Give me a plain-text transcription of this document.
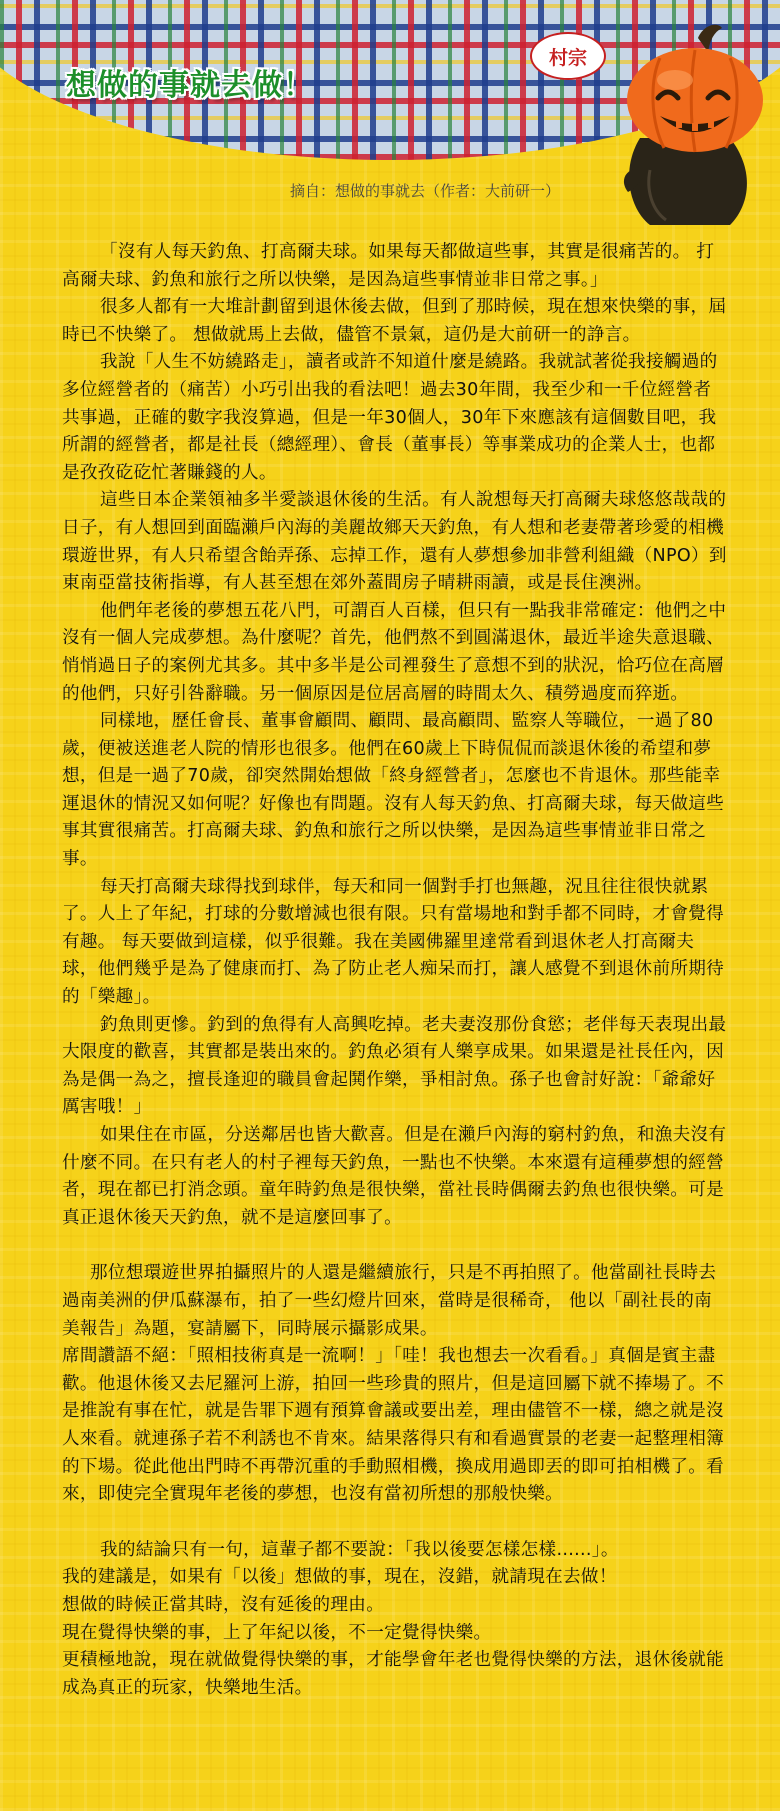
想做的事就去做！
村宗
摘自：想做的事就去（作者：大前研一）

「沒有人每天釣魚、打高爾夫球。如果每天都做這些事，其實是很痛苦的。 打高爾夫球、釣魚和旅行之所以快樂，是因為這些事情並非日常之事。」

很多人都有一大堆計劃留到退休後去做，但到了那時候，現在想來快樂的事，屆時已不快樂了。 想做就馬上去做，儘管不景氣，這仍是大前研一的諍言。

我說「人生不妨繞路走」，讀者或許不知道什麼是繞路。我就試著從我接觸過的多位經營者的（痛苦）小巧引出我的看法吧！過去30年間，我至少和一千位經營者共事過，正確的數字我沒算過，但是一年30個人，30年下來應該有這個數目吧，我所謂的經營者，都是社長（總經理）、會長（董事長）等事業成功的企業人士，也都是孜孜矻矻忙著賺錢的人。

這些日本企業領袖多半愛談退休後的生活。有人說想每天打高爾夫球悠悠哉哉的日子，有人想回到面臨瀨戶內海的美麗故鄉天天釣魚，有人想和老妻帶著珍愛的相機環遊世界，有人只希望含飴弄孫、忘掉工作，還有人夢想參加非營利組織（NPO）到東南亞當技術指導，有人甚至想在郊外蓋間房子晴耕雨讀，或是長住澳洲。

他們年老後的夢想五花八門，可謂百人百樣，但只有一點我非常確定：他們之中沒有一個人完成夢想。為什麼呢？首先，他們熬不到圓滿退休，最近半途失意退職、悄悄過日子的案例尤其多。其中多半是公司裡發生了意想不到的狀況，恰巧位在高層的他們，只好引咎辭職。另一個原因是位居高層的時間太久、積勞過度而猝逝。

同樣地，歷任會長、董事會顧問、顧問、最高顧問、監察人等職位，一過了80歲，便被送進老人院的情形也很多。他們在60歲上下時侃侃而談退休後的希望和夢想，但是一過了70歲，卻突然開始想做「終身經營者」，怎麼也不肯退休。那些能幸運退休的情況又如何呢？好像也有問題。沒有人每天釣魚、打高爾夫球，每天做這些事其實很痛苦。打高爾夫球、釣魚和旅行之所以快樂，是因為這些事情並非日常之事。

每天打高爾夫球得找到球伴，每天和同一個對手打也無趣，況且往往很快就累了。人上了年紀，打球的分數增減也很有限。只有當場地和對手都不同時，才會覺得有趣。 每天要做到這樣，似乎很難。我在美國佛羅里達常看到退休老人打高爾夫球，他們幾乎是為了健康而打、為了防止老人痴呆而打，讓人感覺不到退休前所期待的「樂趣」。

釣魚則更慘。釣到的魚得有人高興吃掉。老夫妻沒那份食慾；老伴每天表現出最大限度的歡喜，其實都是裝出來的。釣魚必須有人樂享成果。如果還是社長任內，因為是偶一為之，擅長逢迎的職員會起鬨作樂，爭相討魚。孫子也會討好說：「爺爺好厲害哦！」

如果住在市區，分送鄰居也皆大歡喜。但是在瀨戶內海的窮村釣魚，和漁夫沒有什麼不同。在只有老人的村子裡每天釣魚，一點也不快樂。本來還有這種夢想的經營者，現在都已打消念頭。童年時釣魚是很快樂，當社長時偶爾去釣魚也很快樂。可是真正退休後天天釣魚，就不是這麼回事了。

那位想環遊世界拍攝照片的人還是繼續旅行，只是不再拍照了。他當副社長時去過南美洲的伊瓜蘇瀑布，拍了一些幻燈片回來，當時是很稀奇， 他以「副社長的南美報告」為題，宴請屬下，同時展示攝影成果。

席間讚語不絕：「照相技術真是一流啊！」「哇！我也想去一次看看。」真個是賓主盡歡。他退休後又去尼羅河上游，拍回一些珍貴的照片，但是這回屬下就不捧場了。不是推說有事在忙，就是告罪下週有預算會議或要出差，理由儘管不一樣，總之就是沒人來看。就連孫子若不利誘也不肯來。結果落得只有和看過實景的老妻一起整理相簿的下場。從此他出門時不再帶沉重的手動照相機，換成用過即丟的即可拍相機了。看來，即使完全實現年老後的夢想，也沒有當初所想的那般快樂。

我的結論只有一句，這輩子都不要說：「我以後要怎樣怎樣......」。

我的建議是，如果有「以後」想做的事，現在，沒錯，就請現在去做！

想做的時候正當其時，沒有延後的理由。

現在覺得快樂的事，上了年紀以後，不一定覺得快樂。

更積極地說，現在就做覺得快樂的事，才能學會年老也覺得快樂的方法，退休後就能成為真正的玩家，快樂地生活。
